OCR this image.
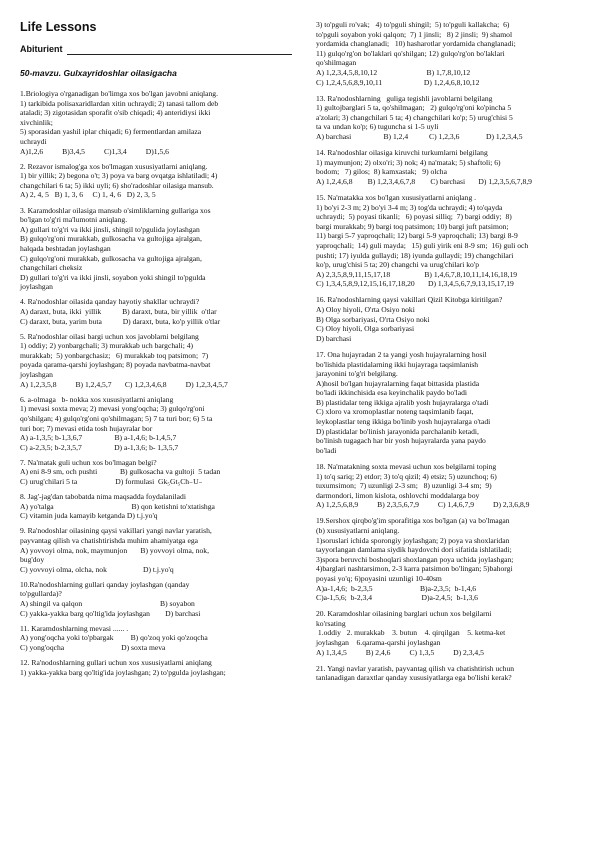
Life Lessons
Abiturient
50-mavzu. Gulxayridoshlar oilasigacha

1.Briologiya o'rganadigan bo'limga xos bo'lgan javobni aniqlang.

1) tarkibida polisaxaridlardan xitin uchraydi; 2) tanasi tallom deb

ataladi; 3) zigotasidan sporafit o'sib chiqadi; 4) anteridiysi ikki

xivchinlik;

5) sporasidan yashil iplar chiqadi; 6) fermentlardan amilaza

uchraydi

A)1,2,6          B)3,4,5          C)1,3,4          D)1,5,6

2. Rezavor ismalog'ga xos bo'lmagan xususiyatlarni aniqlang.

1) bir yillik; 2) begona o't; 3) poya va barg ovqatga ishlatiladi; 4)

changchilari 6 ta; 5) ikki uyli; 6) sho'radoshlar oilasiga mansub.

A) 2, 4, 5   B) 1, 3, 6     C) 1, 4, 6   D) 2, 3, 5

3. Karamdoshlar oilasiga mansub o'simliklarning gullariga xos

bo'lgan to'g'ri ma'lumotni aniqlang.

A) gullari to'g'ri va ikki jinsli, shingil to'pgulida joylashgan

B) gulqo'rg'oni murakkab, gulkosacha va gultojiga ajralgan,

halqada beshtadan joylashgan

C) gulqo'rg'oni murakkab, gulkosacha va gultojiga ajralgan,

changchilari cheksiz

D) gullari to'g'ri va ikki jinsli, soyabon yoki shingil to'pgulda

joylashgan

4. Ra'nodoshlar oilasida qanday hayotiy shakllar uchraydi?

A) daraxt, buta, ikki  yillik           B) daraxt, buta, bir yillik  o'tlar

C) daraxt, buta, yarim buta           D) daraxt, buta, ko'p yillik o'tlar

5. Ra'nodoshlar oilasi bargi uchun xos javoblarni belgilang

1) oddiy; 2) yonbargchali; 3) murakkab uch bargchali; 4)

murakkab;  5) yonbargchasiz;   6) murakkab toq patsimon;  7)

poyada qarama-qarshi joylashgan; 8) poyada navbatma-navbat

joylashgan

A) 1,2,3,5,8          B) 1,2,4,5,7       C) 1,2,3,4,6,8          D) 1,2,3,4,5,7

6. a-olmaga   b- nokka xos xususiyatlarni aniqlang

1) mevasi soxta meva; 2) mevasi yong'oqcha; 3) gulqo'rg'oni

qo'shilgan; 4) gulqo'rg'oni qo'shilmagan; 5) 7 ta turi bor; 6) 5 ta

turi bor; 7) mevasi etida tosh hujayralar bor

A) a-1,3,5; b-1,3,6,7                 B) a-1,4,6; b-1,4,5,7

C) a-2,3,5; b-2,3,5,7                 D) a-1,3,6; b- 1,3,5,7

7. Na'matak guli uchun xos bo'lmagan belgi?

A) eni 8-9 sm, och pushti            B) gulkosacha va gultoji  5 tadan

C) urug'chilari 5 ta                    D) formulasi  Gk₅Gt₅Ch₋U₋

8. Jag'-jag'dan tabobatda nima maqsadda foydalaniladi

A) yo'talga                                         B) qon ketishni to'xtatishga

C) vitamin juda kamayib ketganda D) t.j.yo'q

9. Ra'nodoshlar oilasining qaysi vakillari yangi navlar yaratish,

payvantag qilish va chatishtirishda muhim ahamiyatga ega

A) yovvoyi olma, nok, maymunjon       B) yovvoyi olma, nok,

bug'doy

C) yovvoyi olma, olcha, nok                   D) t.j.yo'q

10.Ra'nodoshlarning gullari qanday joylashgan (qanday

to'pgullarda)?

A) shingil va qalqon                                         B) soyabon

C) yakka-yakka barg qo'ltig'ida joylashgan        D) barchasi

11. Karamdoshlarning mevasi ...... .

A) yong'oqcha yoki to'pbargak         B) qo'zoq yoki qo'zoqcha

C) yong'oqcha                              D) soxta meva

12. Ra'nodoshlarning gullari uchun xos xususiyatlarni aniqlang

1) yakka-yakka barg qo'ltig'ida joylashgan; 2) to'pgulda joylashgan;

3) to'pguli ro'vak;   4) to'pguli shingil;  5) to'pguli kallakcha;  6)

to'pguli soyabon yoki qalqon;  7) 1 jinsli;   8) 2 jinsli;  9) shamol

yordamida changlanadi;   10) hasharotlar yordamida changlanadi;

11) gulqo'rg'on bo'laklari qo'shilgan; 12) gulqo'rg'on bo'laklari

qo'shilmagan

A) 1,2,3,4,5,8,10,12                          B) 1,7,8,10,12

C) 1,2,4,5,6,8,9,10,11                      D) 1,2,4,6,8,10,12

13. Ra'nodoshlarning   guliga tegishli javoblarni belgilang

1) gultojbarglari 5 ta, qo'shilmagan;   2) gulqo'rg'oni ko'pincha 5

a'zolari; 3) changchilari 5 ta; 4) changchilari ko'p; 5) urug'chisi 5

ta va undan ko'p; 6) tuguncha si 1-5 uyli

A) barchasi                 B) 1,2,4           C) 1,2,3,6              D) 1,2,3,4,5

14. Ra'nodoshlar oilasiga kiruvchi turkumlarni belgilang

1) maymunjon; 2) olxo'ri; 3) nok; 4) na'matak; 5) shaftoli; 6)

bodom;   7) gilos;  8) kamxastak;   9) olcha

A) 1,2,4,6,8        B) 1,2,3,4,6,7,8        C) barchasi       D) 1,2,3,5,6,7,8,9

15. Na'matakka xos bo'lgan xususiyatlarni aniqlang .

1) bo'yi 2-3 m; 2) bo'yi 3-4 m; 3) tog'da uchraydi; 4) to'qayda

uchraydi;  5) poyasi tikanli;   6) poyasi silliq;  7) bargi oddiy;  8)

bargi murakkab; 9) bargi toq patsimon; 10) bargi juft patsimon;

11) bargi 5-7 yaproqchali; 12) bargi 5-9 yaproqchali; 13) bargi 8-9

yaproqchali;  14) guli mayda;   15) guli yirik eni 8-9 sm;  16) guli och

pushti; 17) iyulda gullaydi; 18) iyunda gullaydi; 19) changchilari

ko'p, urug'chisi 5 ta; 20) changchi va urug'chilari ko'p

A) 2,3,5,8,9,11,15,17,18                  B) 1,4,6,7,8,10,11,14,16,18,19

C) 1,3,4,5,8,9,12,15,16,17,18,20       D) 1,3,4,5,6,7,9,13,15,17,19

16. Ra'nodoshlarning qaysi vakillari Qizil Kitobga kiritilgan?

A) Oloy hiyoli, O'rta Osiyo noki

B) Olga sorbariyasi, O'rta Osiyo noki

C) Oloy hiyoli, Olga sorbariyasi

D) barchasi

17. Ona hujayradan 2 ta yangi yosh hujayralarning hosil

bo'lishida plastidalarning ikki hujayraga taqsimlanish

jarayonini to'g'ri belgilang.

A)hosil bo'lgan hujayralarning faqat bittasida plastida

bo'ladi ikkinchisida esa keyinchalik paydo bo'ladi

B) plastidalar teng ikkiga ajralib yosh hujayralarga o'tadi

C) xloro va xromoplastlar noteng taqsimlanib faqat,

leykoplastlar teng ikkiga bo'linib yosh hujayralarga o'tadi

D) plastidalar bo'linish jarayonida parchalanib ketadi,

bo'linish tugagach har bir yosh hujayralarda yana paydo

bo'ladi

18. Na'matakning soxta mevasi uchun xos belgilarni toping

1) to'q sariq; 2) etdor; 3) to'q qizil; 4) etsiz; 5) uzunchoq; 6)

tuxumsimon;  7) uzunligi 2-3 sm;   8) uzunligi 3-4 sm;  9)

darmondori, limon kislota, oshlovchi moddalarga boy

A) 1,2,5,6,8,9          B) 2,3,5,6,7,9          C) 1,4,6,7,9          D) 2,3,6,8,9

19.Sershox qirqbo'g'im sporafitiga xos bo'lgan (a) va bo'lmagan

(b) xususiyatlarni aniqlang.

1)soruslari ichida sporongiy joylashgan; 2) poya va shoxlaridan

tayyorlangan damlama siydik haydovchi dori sifatida ishlatiladi;

3)spora beruvchi boshoqlari shoxlangan poya uchida joylashgan;

4)barglari nashtarsimon, 2-3 karra patsimon bo'lingan; 5)bahorgi

poyasi yo'q; 6)poyasini uzunligi 10-40sm

A)a-1,4,6;  b-2,3,5                         B)a-2,3,5;  b-1,4,6

C)a-1,5,6;  b-2,3,4                          D)a-2,4,5;  b-1,3,6

20. Karamdoshlar oilasining barglari uchun xos belgilarni

ko'rsating

1.oddiy   2. murakkab    3. butun    4. qirqilgan    5. ketma-ket

joylashgan    6.qarama-qarshi joylashgan

A) 1,3,4,5          B) 2,4,6          C) 1,3,5          D) 2,3,4,5

21. Yangi navlar yaratish, payvantag qilish va chatishtirish uchun

tanlanadigan daraxtlar qanday xususiyatlarga ega bo'lishi kerak?
